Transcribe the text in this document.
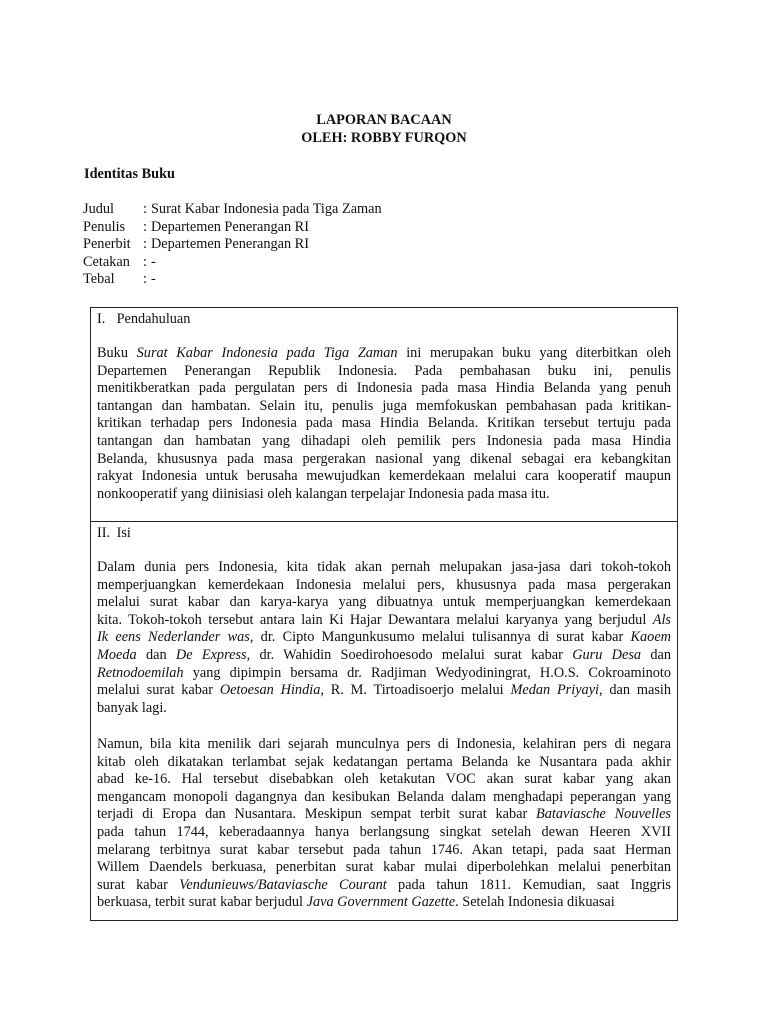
LAPORAN BACAAN
OLEH: ROBBY FURQON
Identitas Buku
Judul	: Surat Kabar Indonesia pada Tiga Zaman
Penulis	: Departemen Penerangan RI
Penerbit : Departemen Penerangan RI
Cetakan : -
Tebal	: -
I. Pendahuluan
Buku Surat Kabar Indonesia pada Tiga Zaman ini merupakan buku yang diterbitkan oleh
Departemen Penerangan Republik Indonesia. Pada pembahasan buku ini, penulis
menitikberatkan pada pergulatan pers di Indonesia pada masa Hindia Belanda yang penuh
tantangan dan hambatan. Selain itu, penulis juga memfokuskan pembahasan pada kritikan-
kritikan terhadap pers Indonesia pada masa Hindia Belanda. Kritikan tersebut tertuju pada
tantangan dan hambatan yang dihadapi oleh pemilik pers Indonesia pada masa Hindia
Belanda, khususnya pada masa pergerakan nasional yang dikenal sebagai era kebangkitan
rakyat Indonesia untuk berusaha mewujudkan kemerdekaan melalui cara kooperatif maupun
nonkooperatif yang diinisiasi oleh kalangan terpelajar Indonesia pada masa itu.
II. Isi
Dalam dunia pers Indonesia, kita tidak akan pernah melupakan jasa-jasa dari tokoh-tokoh
memperjuangkan kemerdekaan Indonesia melalui pers, khususnya pada masa pergerakan
melalui surat kabar dan karya-karya yang dibuatnya untuk memperjuangkan kemerdekaan
kita. Tokoh-tokoh tersebut antara lain Ki Hajar Dewantara melalui karyanya yang berjudul Als
Ik eens Nederlander was, dr. Cipto Mangunkusumo melalui tulisannya di surat kabar Kaoem
Moeda dan De Express, dr. Wahidin Soedirohoesodo melalui surat kabar Guru Desa dan
Retnodoemilah yang dipimpin bersama dr. Radjiman Wedyodiningrat, H.O.S. Cokroaminoto
melalui surat kabar Oetoesan Hindia, R. M. Tirtoadisoerjo melalui Medan Priyayi, dan masih
banyak lagi.
Namun, bila kita menilik dari sejarah munculnya pers di Indonesia, kelahiran pers di negara
kitab oleh dikatakan terlambat sejak kedatangan pertama Belanda ke Nusantara pada akhir
abad ke-16. Hal tersebut disebabkan oleh ketakutan VOC akan surat kabar yang akan
mengancam monopoli dagangnya dan kesibukan Belanda dalam menghadapi peperangan yang
terjadi di Eropa dan Nusantara. Meskipun sempat terbit surat kabar Bataviasche Nouvelles
pada tahun 1744, keberadaannya hanya berlangsung singkat setelah dewan Heeren XVII
melarang terbitnya surat kabar tersebut pada tahun 1746. Akan tetapi, pada saat Herman
Willem Daendels berkuasa, penerbitan surat kabar mulai diperbolehkan melalui penerbitan
surat kabar Vendunieuws/Bataviasche Courant pada tahun 1811. Kemudian, saat Inggris
berkuasa, terbit surat kabar berjudul Java Government Gazette. Setelah Indonesia dikuasai
